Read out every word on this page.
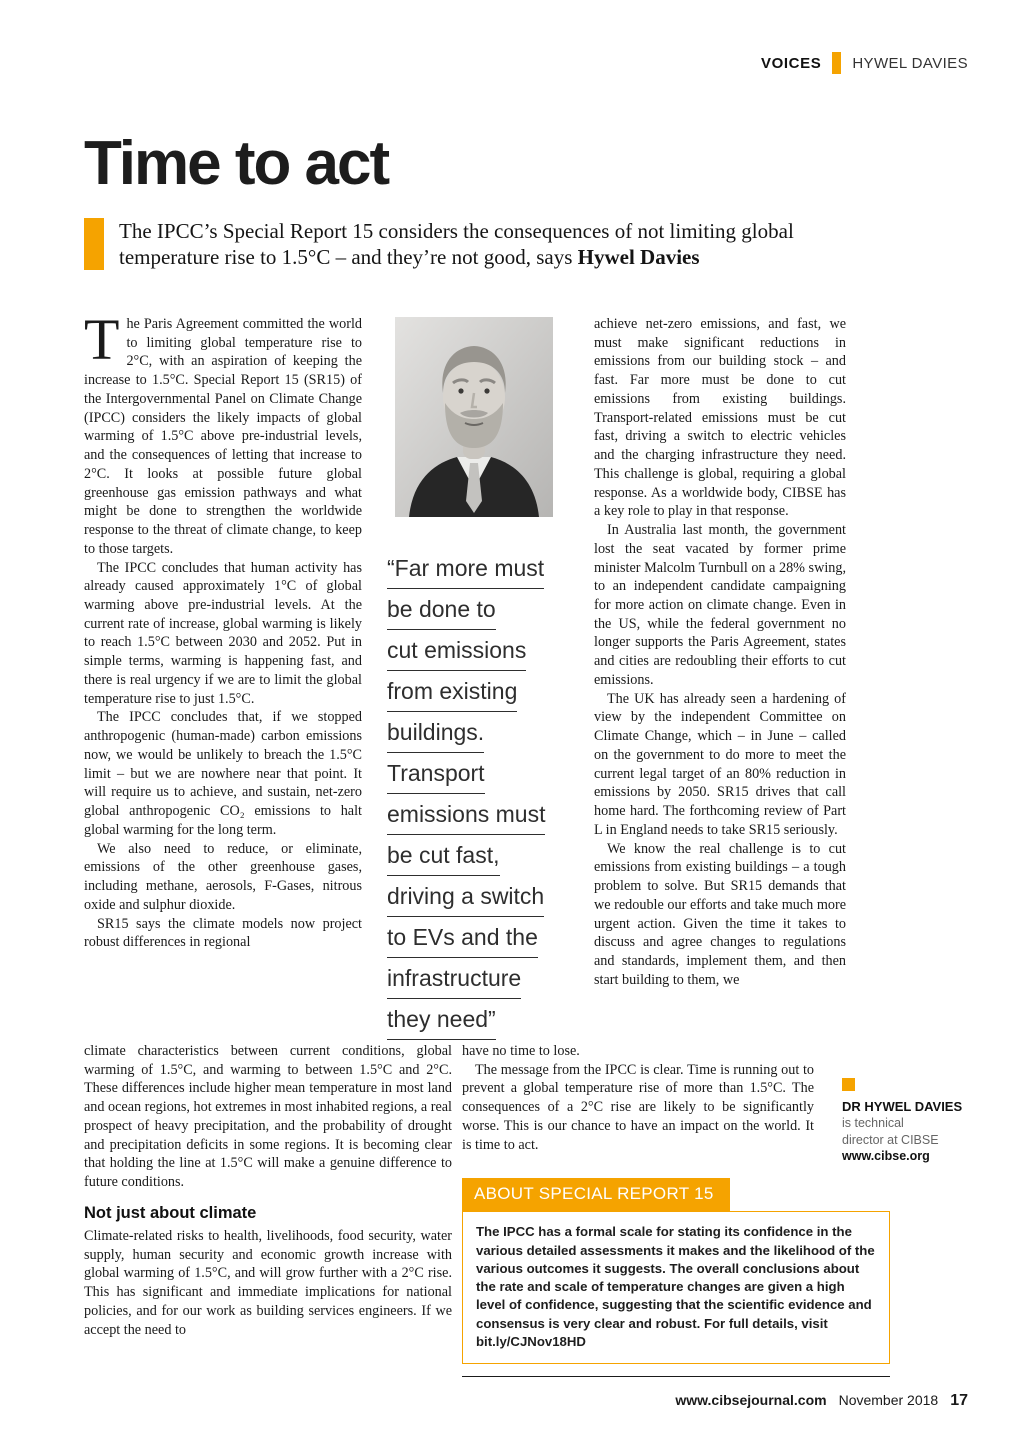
VOICES HYWEL DAVIES
Time to act

The IPCC’s Special Report 15 considers the consequences of not limiting global temperature rise to 1.5°C – and they’re not good, says Hywel Davies

The Paris Agreement committed the world to limiting global temperature rise to 2°C, with an aspiration of keeping the increase to 1.5°C. Special Report 15 (SR15) of the Intergovernmental Panel on Climate Change (IPCC) considers the likely impacts of global warming of 1.5°C above pre-industrial levels, and the consequences of letting that increase to 2°C. It looks at possible future global greenhouse gas emission pathways and what might be done to strengthen the worldwide response to the threat of climate change, to keep to those targets.

The IPCC concludes that human activity has already caused approximately 1°C of global warming above pre-industrial levels. At the current rate of increase, global warming is likely to reach 1.5°C between 2030 and 2052. Put in simple terms, warming is happening fast, and there is real urgency if we are to limit the global temperature rise to just 1.5°C.

The IPCC concludes that, if we stopped anthropogenic (human-made) carbon emissions now, we would be unlikely to breach the 1.5°C limit – but we are nowhere near that point. It will require us to achieve, and sustain, net-zero global anthropogenic CO₂ emissions to halt global warming for the long term.

We also need to reduce, or eliminate, emissions of the other greenhouse gases, including methane, aerosols, F-Gases, nitrous oxide and sulphur dioxide.

SR15 says the climate models now project robust differences in regional

“Far more must
be done to
cut emissions
from existing
buildings.
Transport
emissions must
be cut fast,
driving a switch
to EVs and the
infrastructure
they need”

achieve net-zero emissions, and fast, we must make significant reductions in emissions from our building stock – and fast. Far more must be done to cut emissions from existing buildings. Transport-related emissions must be cut fast, driving a switch to electric vehicles and the charging infrastructure they need. This challenge is global, requiring a global response. As a worldwide body, CIBSE has a key role to play in that response.

In Australia last month, the government lost the seat vacated by former prime minister Malcolm Turnbull on a 28% swing, to an independent candidate campaigning for more action on climate change. Even in the US, while the federal government no longer supports the Paris Agreement, states and cities are redoubling their efforts to cut emissions.

The UK has already seen a hardening of view by the independent Committee on Climate Change, which – in June – called on the government to do more to meet the current legal target of an 80% reduction in emissions by 2050. SR15 drives that call home hard. The forthcoming review of Part L in England needs to take SR15 seriously.

We know the real challenge is to cut emissions from existing buildings – a tough problem to solve. But SR15 demands that we redouble our efforts and take much more urgent action. Given the time it takes to discuss and agree changes to regulations and standards, implement them, and then start building to them, we

climate characteristics between current conditions, global warming of 1.5°C, and warming to between 1.5°C and 2°C. These differences include higher mean temperature in most land and ocean regions, hot extremes in most inhabited regions, a real prospect of heavy precipitation, and the probability of drought and precipitation deficits in some regions. It is becoming clear that holding the line at 1.5°C will make a genuine difference to future conditions.

Not just about climate

Climate-related risks to health, livelihoods, food security, water supply, human security and economic growth increase with global warming of 1.5°C, and will grow further with a 2°C rise. This has significant and immediate implications for national policies, and for our work as building services engineers. If we accept the need to

have no time to lose.

The message from the IPCC is clear. Time is running out to prevent a global temperature rise of more than 1.5°C. The consequences of a 2°C rise are likely to be significantly worse. This is our chance to have an impact on the world. It is time to act.

ABOUT SPECIAL REPORT 15
The IPCC has a formal scale for stating its confidence in the various detailed assessments it makes and the likelihood of the various outcomes it suggests. The overall conclusions about the rate and scale of temperature changes are given a high level of confidence, suggesting that the scientific evidence and consensus is very clear and robust. For full details, visit bit.ly/CJNov18HD
DR HYWEL DAVIES
is technical
director at CIBSE
www.cibse.org
www.cibsejournal.com November 2018 17
